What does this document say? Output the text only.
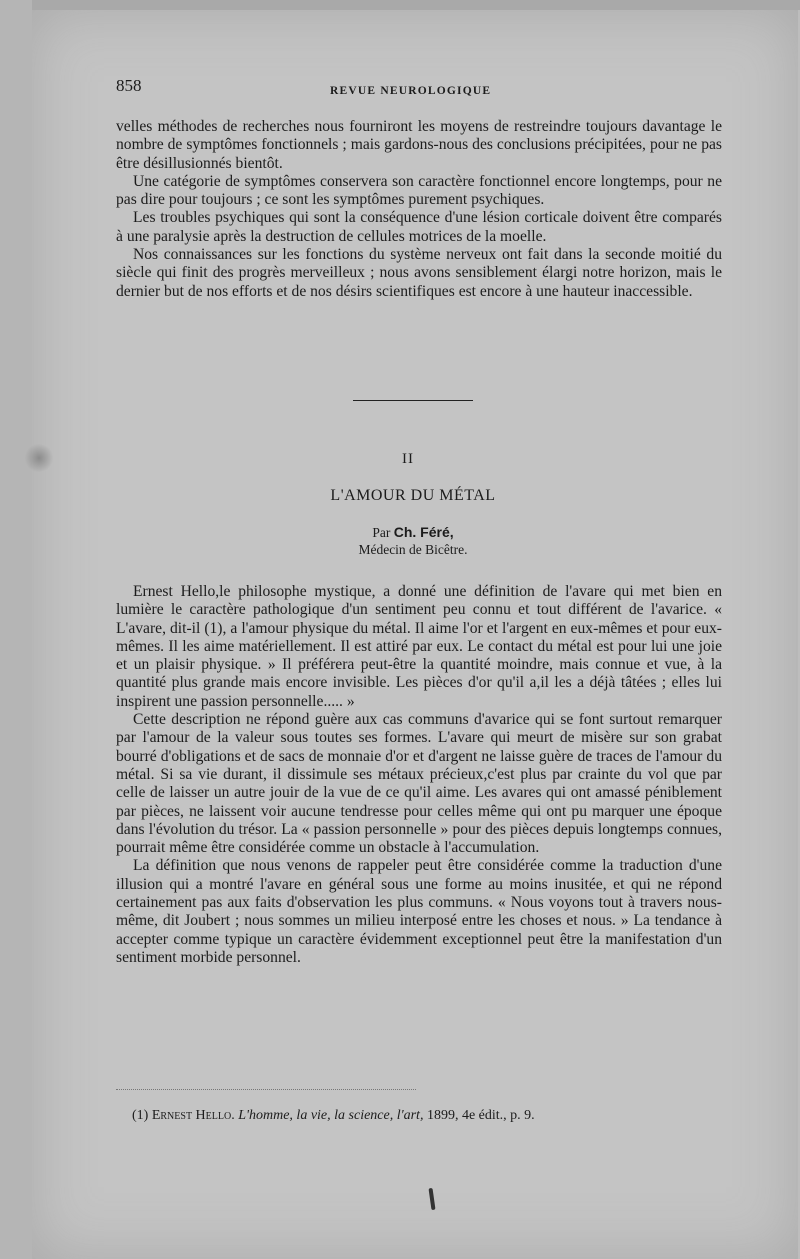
858	REVUE NEUROLOGIQUE

velles méthodes de recherches nous fourniront les moyens de restreindre toujours davantage le nombre de symptômes fonctionnels ; mais gardons-nous des conclusions précipitées, pour ne pas être désillusionnés bientôt.

Une catégorie de symptômes conservera son caractère fonctionnel encore longtemps, pour ne pas dire pour toujours ; ce sont les symptômes purement psychiques.

Les troubles psychiques qui sont la conséquence d'une lésion corticale doivent être comparés à une paralysie après la destruction de cellules motrices de la moelle.

Nos connaissances sur les fonctions du système nerveux ont fait dans la seconde moitié du siècle qui finit des progrès merveilleux ; nous avons sensiblement élargi notre horizon, mais le dernier but de nos efforts et de nos désirs scientifiques est encore à une hauteur inaccessible.

II
L'AMOUR DU MÉTAL
Par Ch. Féré,
Médecin de Bicêtre.

Ernest Hello,le philosophe mystique, a donné une définition de l'avare qui met bien en lumière le caractère pathologique d'un sentiment peu connu et tout différent de l'avarice. « L'avare, dit-il (1), a l'amour physique du métal. Il aime l'or et l'argent en eux-mêmes et pour eux-mêmes. Il les aime matériellement. Il est attiré par eux. Le contact du métal est pour lui une joie et un plaisir physique. » Il préférera peut-être la quantité moindre, mais connue et vue, à la quantité plus grande mais encore invisible. Les pièces d'or qu'il a,il les a déjà tâtées ; elles lui inspirent une passion personnelle..... »

Cette description ne répond guère aux cas communs d'avarice qui se font surtout remarquer par l'amour de la valeur sous toutes ses formes. L'avare qui meurt de misère sur son grabat bourré d'obligations et de sacs de monnaie d'or et d'argent ne laisse guère de traces de l'amour du métal. Si sa vie durant, il dissimule ses métaux précieux,c'est plus par crainte du vol que par celle de laisser un autre jouir de la vue de ce qu'il aime. Les avares qui ont amassé péniblement par pièces, ne laissent voir aucune tendresse pour celles même qui ont pu marquer une époque dans l'évolution du trésor. La « passion personnelle » pour des pièces depuis longtemps connues, pourrait même être considérée comme un obstacle à l'accumulation.

La définition que nous venons de rappeler peut être considérée comme la traduction d'une illusion qui a montré l'avare en général sous une forme au moins inusitée, et qui ne répond certainement pas aux faits d'observation les plus communs. « Nous voyons tout à travers nous-même, dit Joubert ; nous sommes un milieu interposé entre les choses et nous. » La tendance à accepter comme typique un caractère évidemment exceptionnel peut être la manifestation d'un sentiment morbide personnel.

(1) Ernest Hello. L'homme, la vie, la science, l'art, 1899, 4e édit., p. 9.
